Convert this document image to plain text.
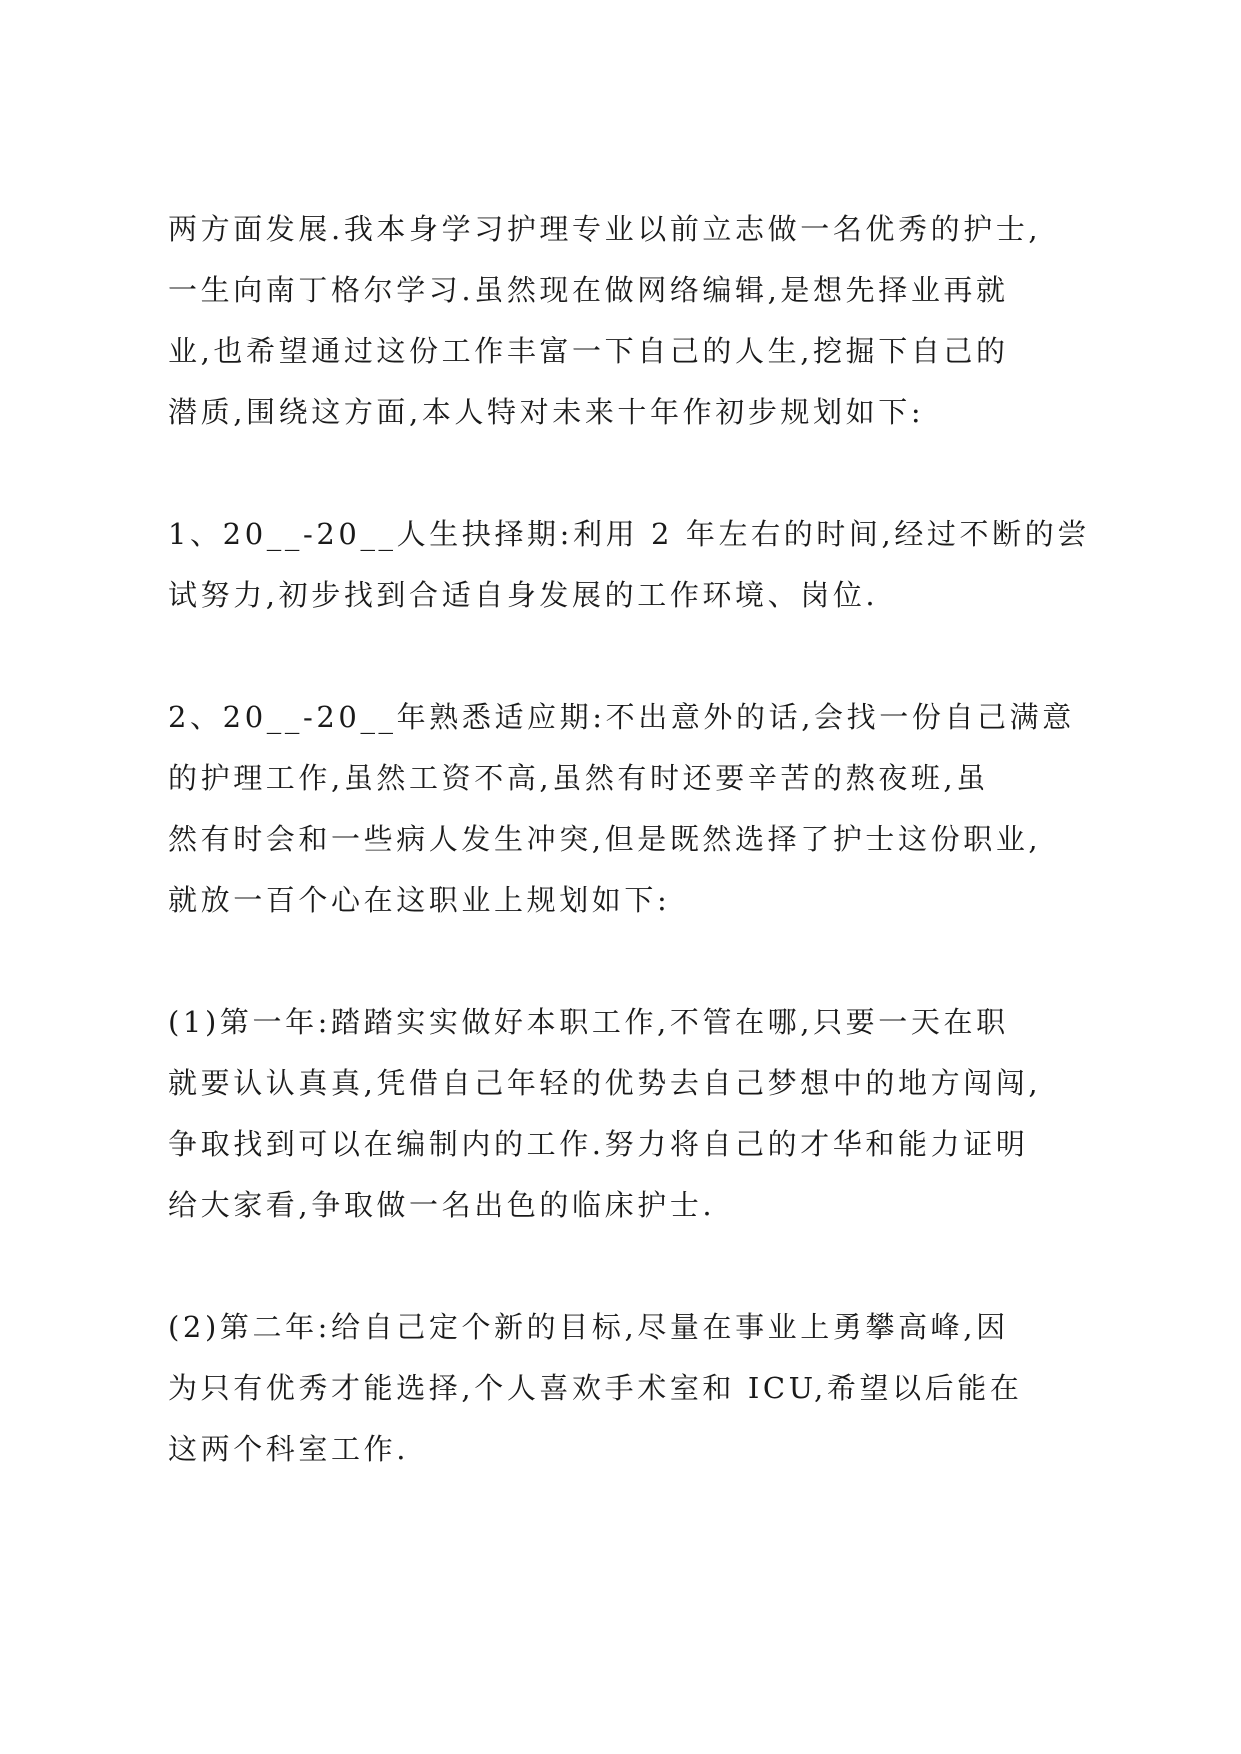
两方面发展.我本身学习护理专业以前立志做一名优秀的护士,
一生向南丁格尔学习.虽然现在做网络编辑,是想先择业再就
业,也希望通过这份工作丰富一下自己的人生,挖掘下自己的
潜质,围绕这方面,本人特对未来十年作初步规划如下:

1、20__-20__人生抉择期:利用 2 年左右的时间,经过不断的尝
试努力,初步找到合适自身发展的工作环境、岗位.

2、20__-20__年熟悉适应期:不出意外的话,会找一份自己满意
的护理工作,虽然工资不高,虽然有时还要辛苦的熬夜班,虽
然有时会和一些病人发生冲突,但是既然选择了护士这份职业,
就放一百个心在这职业上规划如下:

(1)第一年:踏踏实实做好本职工作,不管在哪,只要一天在职
就要认认真真,凭借自己年轻的优势去自己梦想中的地方闯闯,
争取找到可以在编制内的工作.努力将自己的才华和能力证明
给大家看,争取做一名出色的临床护士.

(2)第二年:给自己定个新的目标,尽量在事业上勇攀高峰,因
为只有优秀才能选择,个人喜欢手术室和 ICU,希望以后能在
这两个科室工作.
